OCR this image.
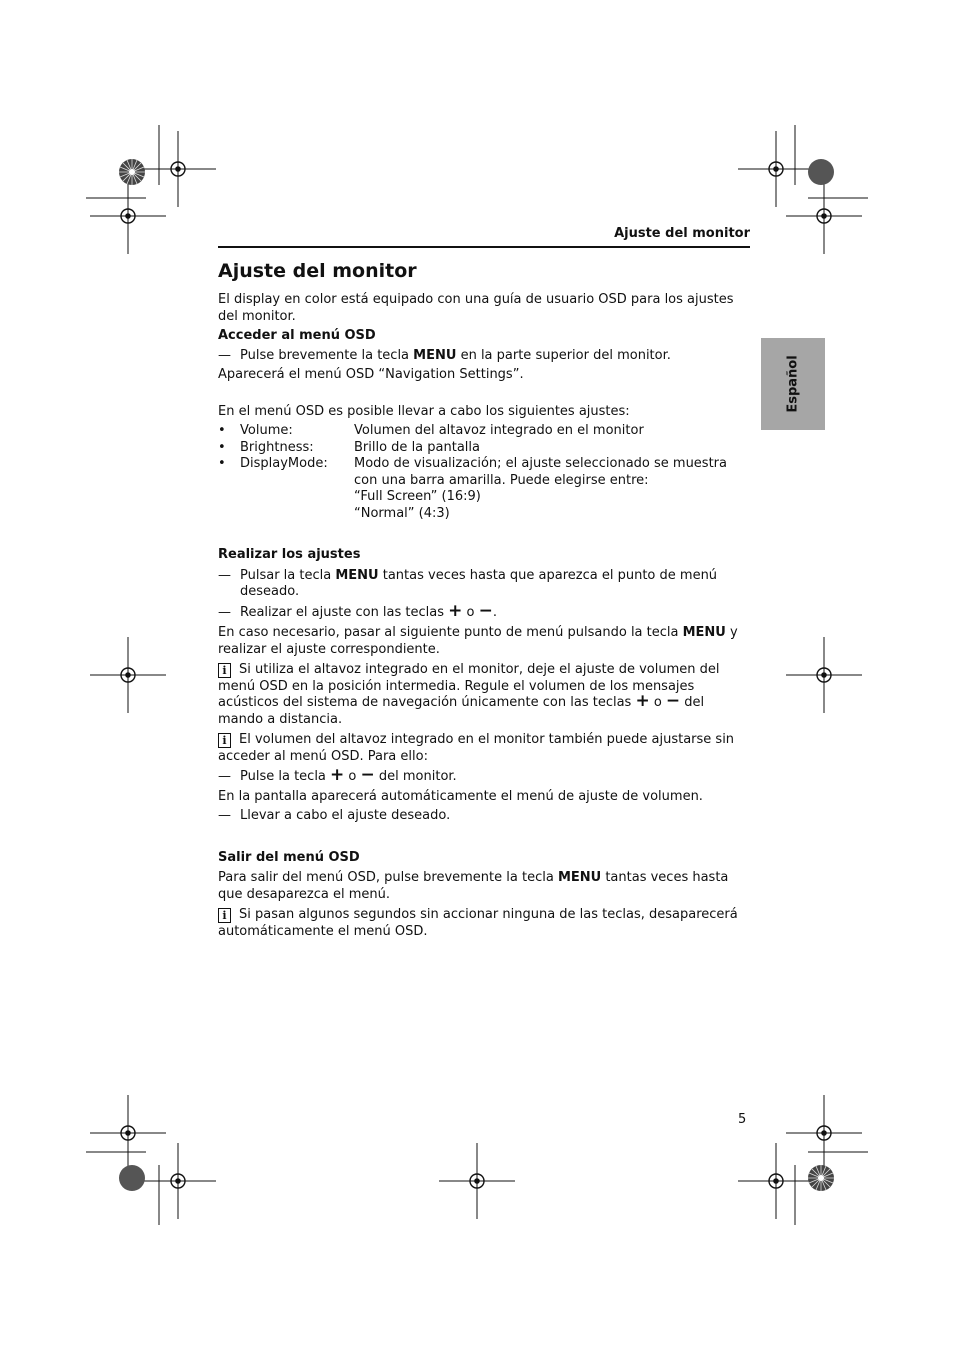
Ajuste del monitor
Ajuste del monitor
Español

El display en color está equipado con una guía de usuario OSD para los ajustes del monitor.

Acceder al menú OSD

— Pulse brevemente la tecla MENU en la parte superior del monitor.

Aparecerá el menú OSD “Navigation Settings”.

En el menú OSD es posible llevar a cabo los siguientes ajustes:

•	Volume:	Volumen del altavoz integrado en el monitor
•	Brightness:	Brillo de la pantalla
•	DisplayMode:	Modo de visualización; el ajuste seleccionado se muestra con una barra amarilla. Puede elegirse entre:
“Full Screen” (16:9)
“Normal” (4:3)

Realizar los ajustes

— Pulsar la tecla MENU tantas veces hasta que aparezca el punto de menú deseado.

— Realizar el ajuste con las teclas + o −.

En caso necesario, pasar al siguiente punto de menú pulsando la tecla MENU y realizar el ajuste correspondiente.

i Si utiliza el altavoz integrado en el monitor, deje el ajuste de volumen del menú OSD en la posición intermedia. Regule el volumen de los mensajes acústicos del sistema de navegación únicamente con las teclas + o − del mando a distancia.

i El volumen del altavoz integrado en el monitor también puede ajustarse sin acceder al menú OSD. Para ello:

— Pulse la tecla + o − del monitor.

En la pantalla aparecerá automáticamente el menú de ajuste de volumen.

— Llevar a cabo el ajuste deseado.

Salir del menú OSD

Para salir del menú OSD, pulse brevemente la tecla MENU tantas veces hasta que desaparezca el menú.

i Si pasan algunos segundos sin accionar ninguna de las teclas, desaparecerá automáticamente el menú OSD.

5
